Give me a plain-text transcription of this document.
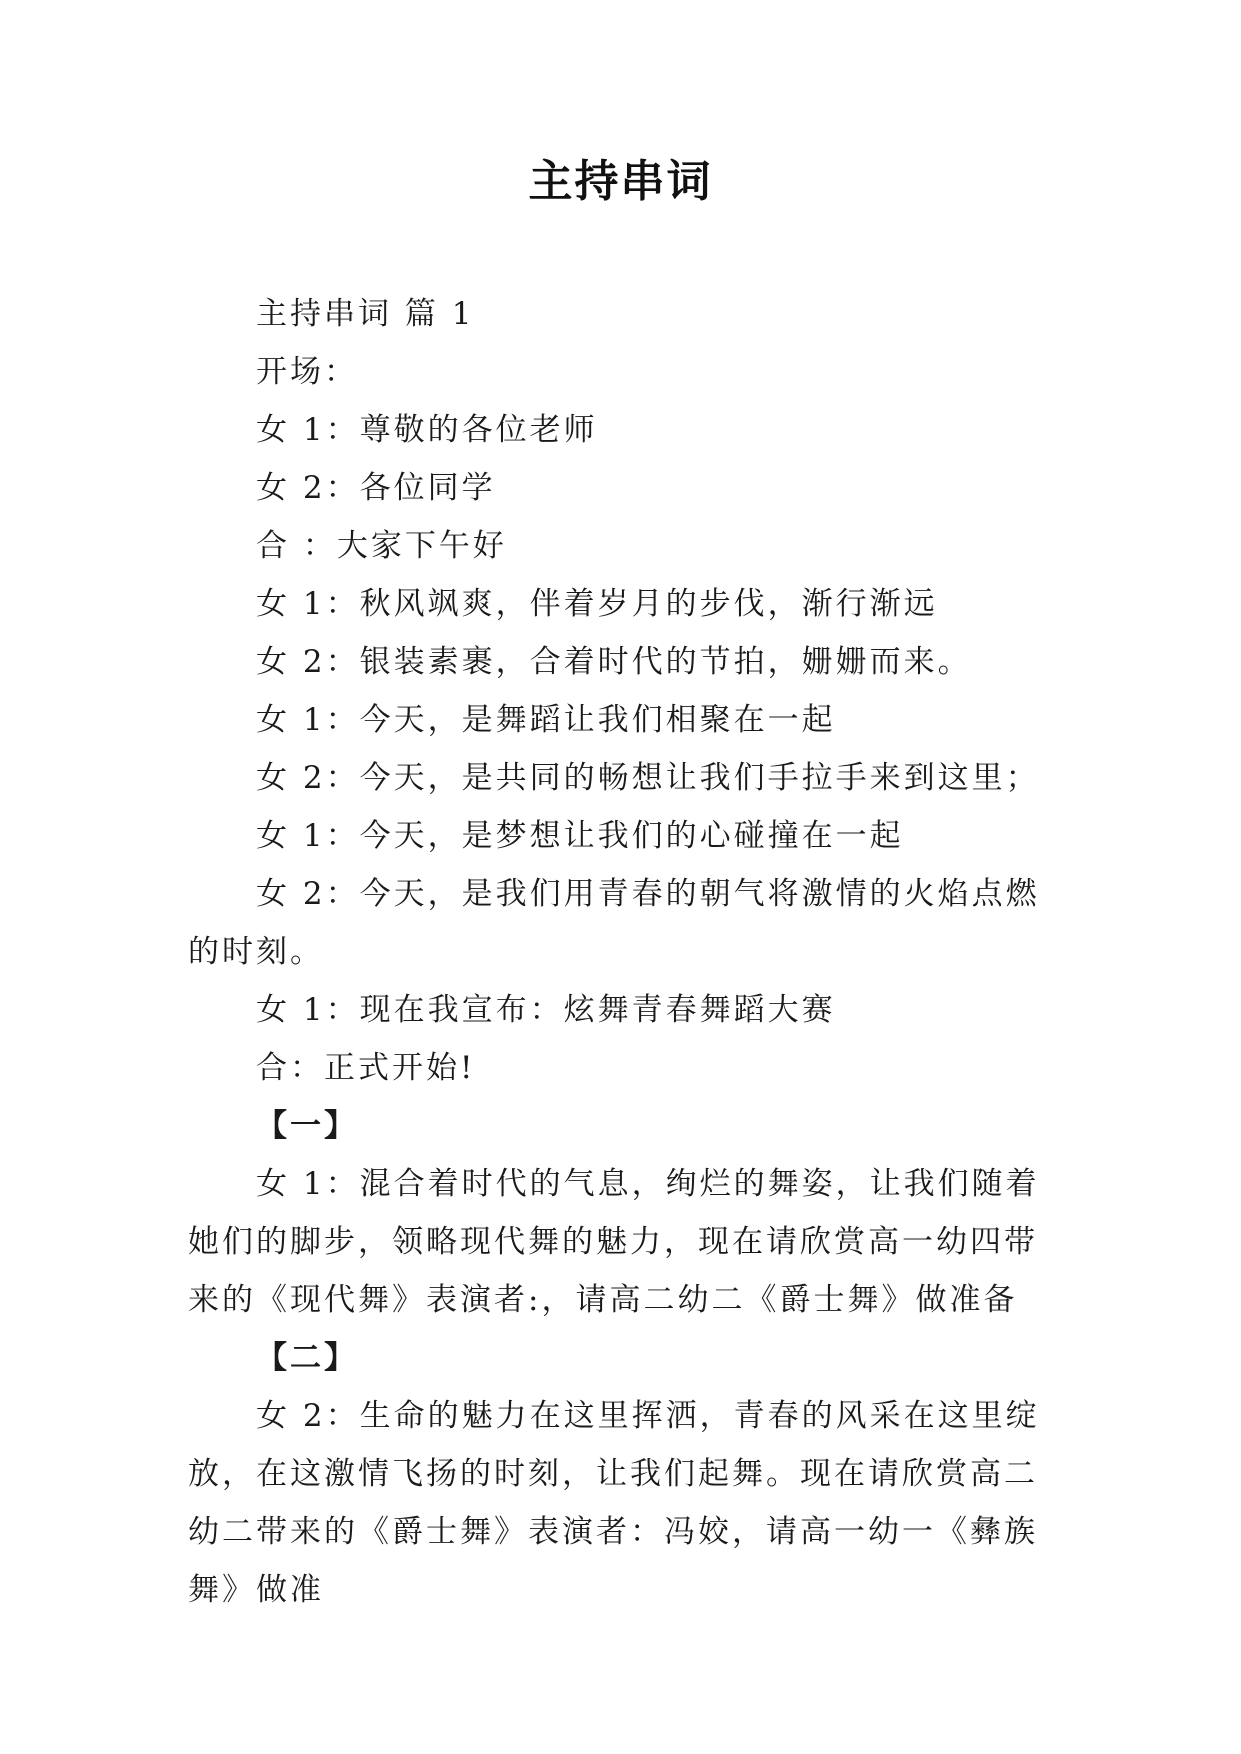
主持串词

主持串词 篇 1

开场：

女 1：尊敬的各位老师

女 2：各位同学

合 ：大家下午好

女 1：秋风飒爽，伴着岁月的步伐，渐行渐远

女 2：银装素裹，合着时代的节拍，姗姗而来。

女 1：今天，是舞蹈让我们相聚在一起

女 2：今天，是共同的畅想让我们手拉手来到这里；

女 1：今天，是梦想让我们的心碰撞在一起

女 2：今天，是我们用青春的朝气将激情的火焰点燃的时刻。

女 1：现在我宣布：炫舞青春舞蹈大赛

合：正式开始!

【一】

女 1：混合着时代的气息，绚烂的舞姿，让我们随着她们的脚步，领略现代舞的魅力，现在请欣赏高一幼四带来的《现代舞》表演者:，请高二幼二《爵士舞》做准备

【二】

女 2：生命的魅力在这里挥洒，青春的风采在这里绽放，在这激情飞扬的时刻，让我们起舞。现在请欣赏高二幼二带来的《爵士舞》表演者：冯姣，请高一幼一《彝族舞》做准
